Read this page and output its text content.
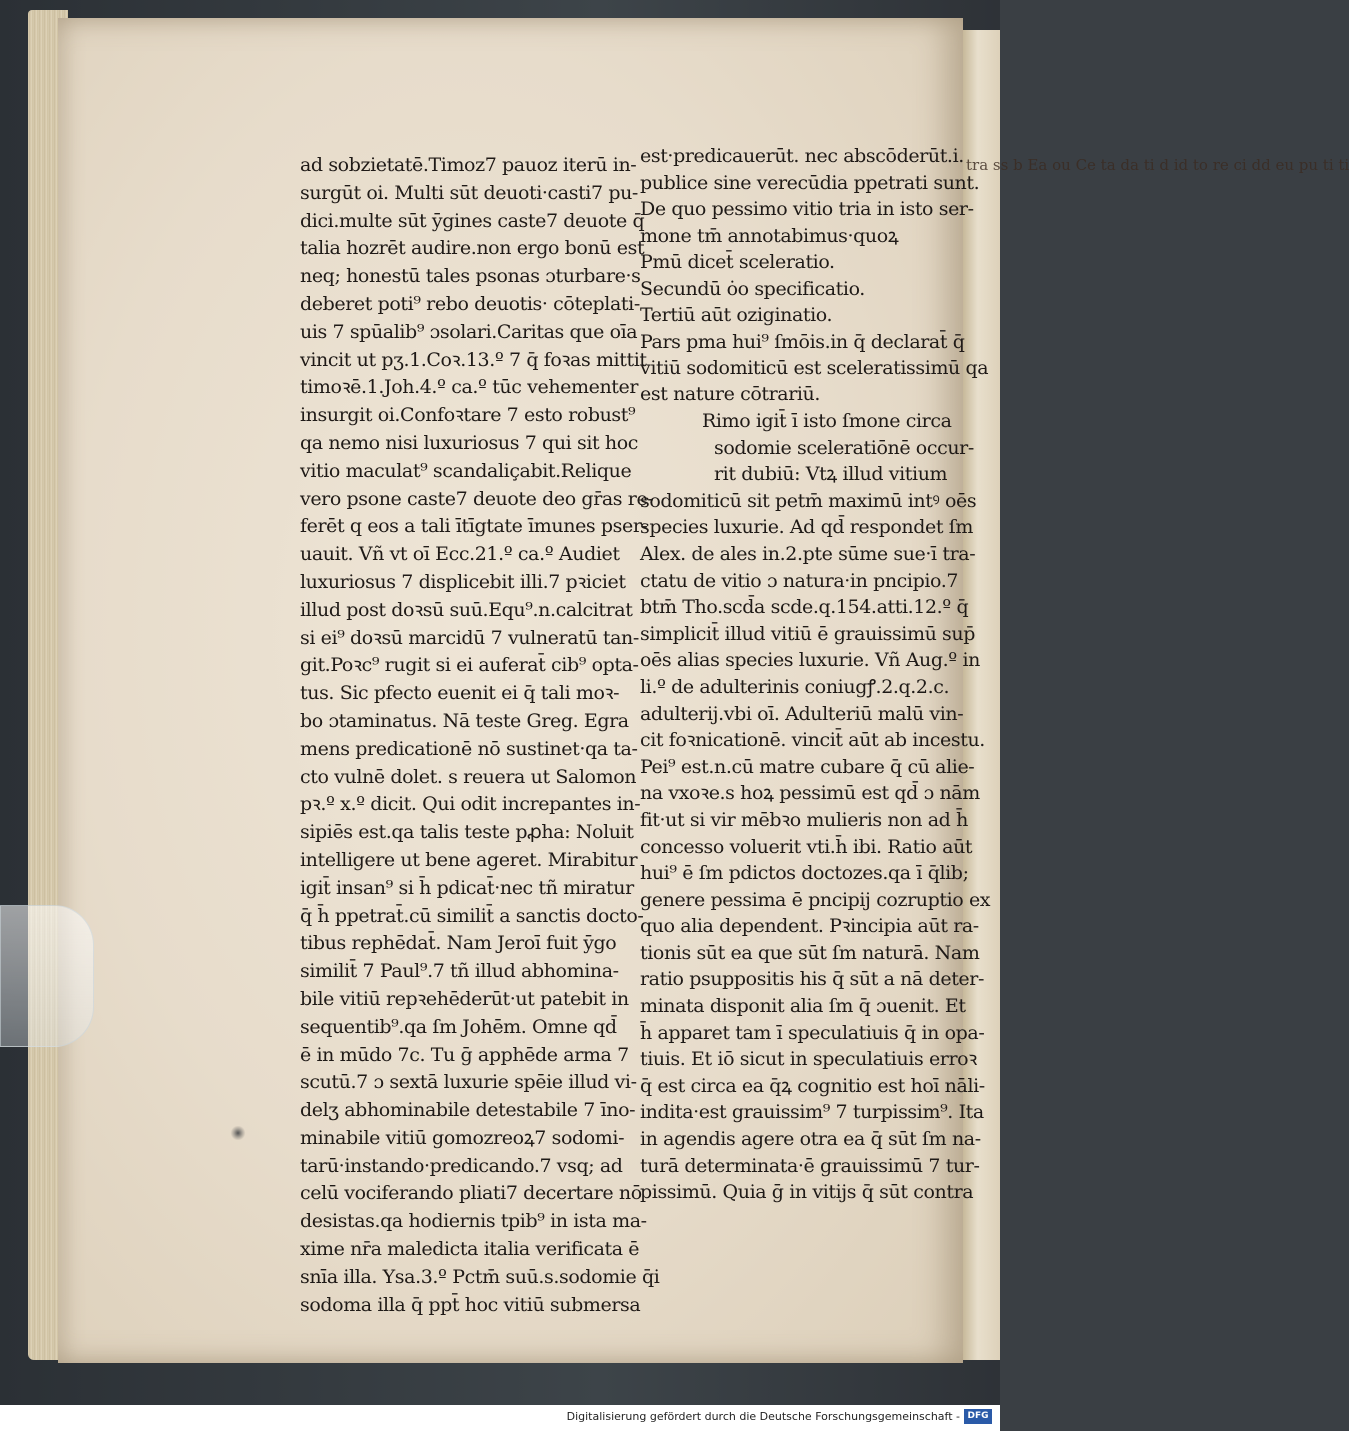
tra ss b Ea ou Ce ta da ti d id to re ci dd eu pu ti ti
ad sobzietatē.Timoz7 pauoz iterū in-
surgūt oi. Multi sūt deuoti·casti7 pu-
dici.multe sūt ȳgines caste7 deuote q̄
talia hozrēt audire.non ergo bonū est
neq; honestū tales psonas ɔturbare·s
deberet poti⁹ rebo deuotis· cōteplati-
uis 7 spūalib⁹ ɔsolari.Caritas que oīa
vincit ut pʒ.1.Coꝛ.13.º 7 q̄ foꝛas mittit
timoꝛē.1.Joh.4.º ca.º tūc vehementer
insurgit oi.Confoꝛtare 7 esto robust⁹
qa nemo nisi luxuriosus 7 qui sit hoc
vitio maculat⁹ scandaliçabit.Relique
vero psone caste7 deuote deo gr̄as re-
ferēt q eos a tali ītīgtate īmunes pser-
uauit. Vñ vt oī Ecc.21.º ca.º Audiet
luxuriosus 7 displicebit illi.7 pꝛiciet
illud post doꝛsū suū.Equ⁹.n.calcitrat
si ei⁹ doꝛsū marcidū 7 vulneratū tan-
git.Poꝛc⁹ rugit si ei auferat̄ cib⁹ opta-
tus. Sic pfecto euenit ei q̄ tali moꝛ-
bo ɔtaminatus. Nā teste Greg. Egra
mens predicationē nō sustinet·qa ta-
cto vulnē dolet. s reuera ut Salomon
pꝛ.º x.º dicit. Qui odit increpantes in-
sipiēs est.qa talis teste pꝓha: Noluit
intelligere ut bene ageret. Mirabitur
igit̄ insan⁹ si h̄ pdicat̄·nec tñ miratur
q̄ h̄ ppetrat̄.cū similit̄ a sanctis docto-
tibus rephēdat̄. Nam Jeroī fuit ȳgo
similit̄ 7 Paul⁹.7 tñ illud abhomina-
bile vitiū repꝛehēderūt·ut patebit in
sequentib⁹.qa ſm Johēm. Omne qd̄
ē in mūdo 7c. Tu ḡ apphēde arma 7
scutū.7 ɔ sextā luxurie spēie illud vi-
delʒ abhominabile detestabile 7 īno-
minabile vitiū gomozreoꝝ7 sodomi-
tarū·instando·predicando.7 vsq; ad
celū vociferando pliati7 decertare nō
desistas.qa hodiernis tpib⁹ in ista ma-
xime nr̄a maledicta italia verificata ē
snīa illa. Ysa.3.º Pctm̄ suū.s.sodomie q̄i
sodoma illa q̄ ppt̄ hoc vitiū submersa
est·predicauerūt. nec abscōderūt.i.
publice sine verecūdia ppetrati sunt.
De quo pessimo vitio tria in isto ser-
mone tm̄ annotabimus·quoꝝ
Pmū dicet̄ sceleratio.
Secundū ȯo specificatio.
Tertiū aūt oziginatio.
Pars pma hui⁹ ſmōis.in q̄ declarat̄ q̄
vitiū sodomiticū est sceleratissimū qa
est nature cōtrariū.
Rimo igit̄ ī isto ſmone circa
sodomie sceleratiōnē occur-
rit dubiū: Vtꝝ illud vitium
sodomiticū sit petm̄ maximū intꝰ oēs
species luxurie. Ad qd̄ respondet ſm
Alex. de ales in.2.pte sūme sue·ī tra-
ctatu de vitio ɔ natura·in pncipio.7
btm̄ Tho.scd̄a scde.q.154.atti.12.º q̄
simplicit̄ illud vitiū ē grauissimū sup̄
oēs alias species luxurie. Vñ Aug.º in
li.º de adulterinis coniugꝭ.2.q.2.c.
adulterij.vbi oī. Adulteriū malū vin-
cit foꝛnicationē. vincit̄ aūt ab incestu.
Pei⁹ est.n.cū matre cubare q̄ cū alie-
na vxoꝛe.s hoꝝ pessimū est qd̄ ɔ nām
fit·ut si vir mēbꝛo mulieris non ad h̄
concesso voluerit vti.h̄ ibi. Ratio aūt
hui⁹ ē ſm pdictos doctozes.qa ī q̄lib;
genere pessima ē pncipij cozruptio ex
quo alia dependent. Pꝛincipia aūt ra-
tionis sūt ea que sūt ſm naturā. Nam
ratio psuppositis his q̄ sūt a nā deter-
minata disponit alia ſm q̄ ɔuenit. Et
h̄ apparet tam ī speculatiuis q̄ in opa-
tiuis. Et iō sicut in speculatiuis erroꝛ
q̄ est circa ea q̄ꝝ cognitio est hoī nāli-
indita·est grauissim⁹ 7 turpissim⁹. Ita
in agendis agere otra ea q̄ sūt ſm na-
turā determinata·ē grauissimū 7 tur-
pissimū. Quia ḡ in vitijs q̄ sūt contra
Digitalisierung gefördert durch die Deutsche Forschungsgemeinschaft - DFG
